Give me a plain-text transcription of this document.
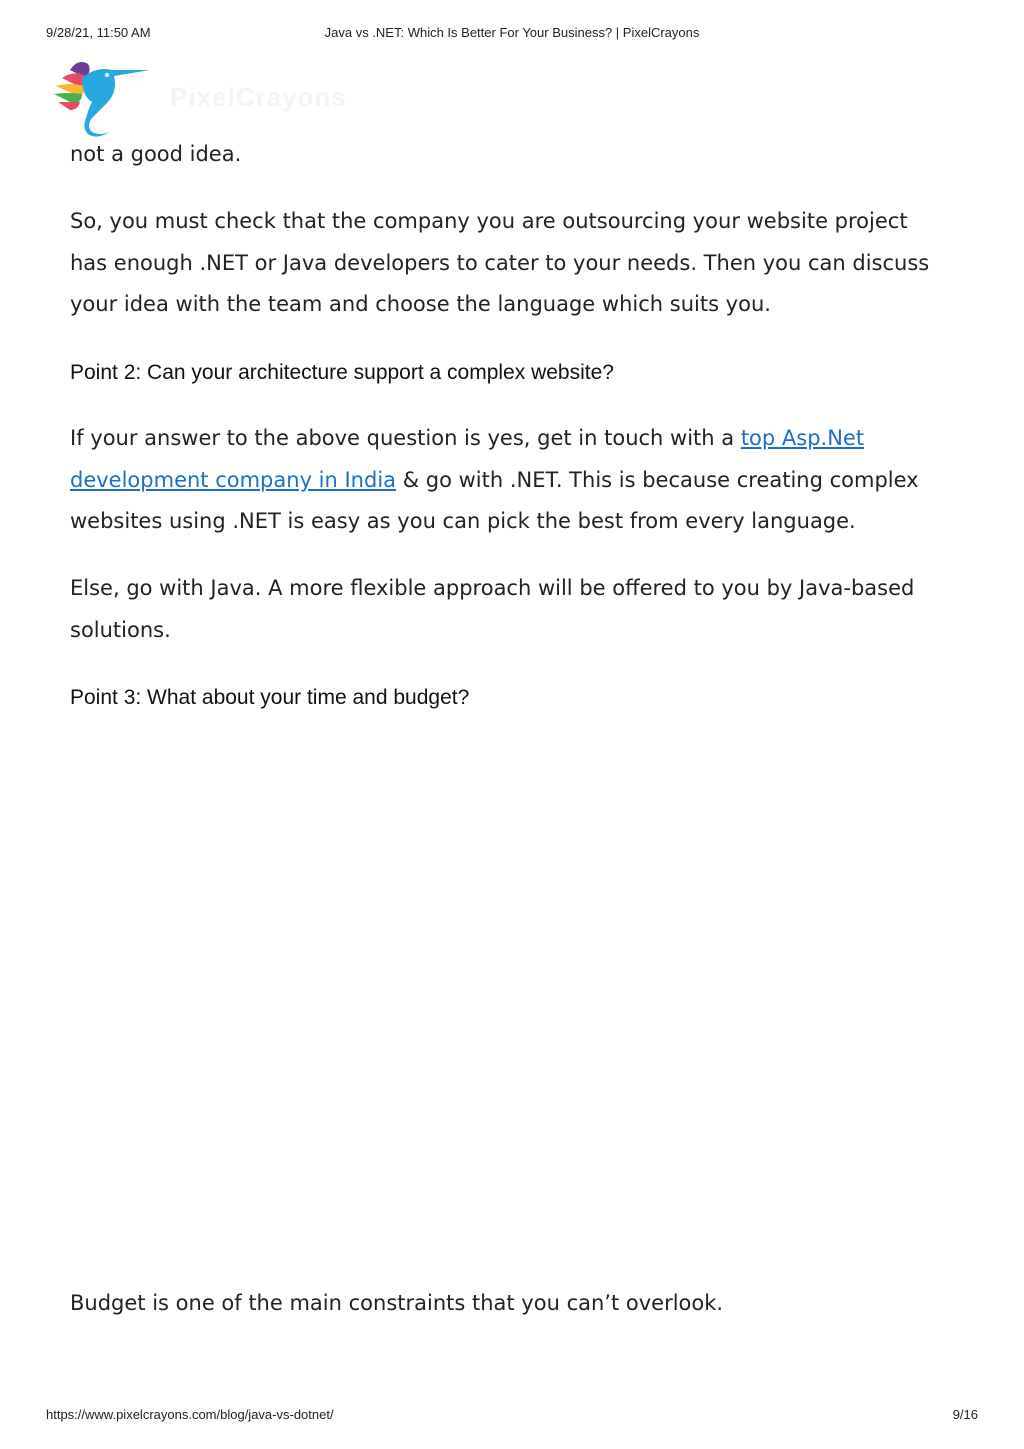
9/28/21, 11:50 AM	Java vs .NET: Which Is Better For Your Business? | PixelCrayons
PixelCrayons
not a good idea.
So, you must check that the company you are outsourcing your website project has enough .NET or Java developers to cater to your needs. Then you can discuss your idea with the team and choose the language which suits you.
Point 2: Can your architecture support a complex website?
If your answer to the above question is yes, get in touch with a top Asp.Net development company in India & go with .NET. This is because creating complex websites using .NET is easy as you can pick the best from every language.
Else, go with Java. A more flexible approach will be offered to you by Java-based solutions.
Point 3: What about your time and budget?
Budget is one of the main constraints that you can’t overlook.
https://www.pixelcrayons.com/blog/java-vs-dotnet/	9/16
